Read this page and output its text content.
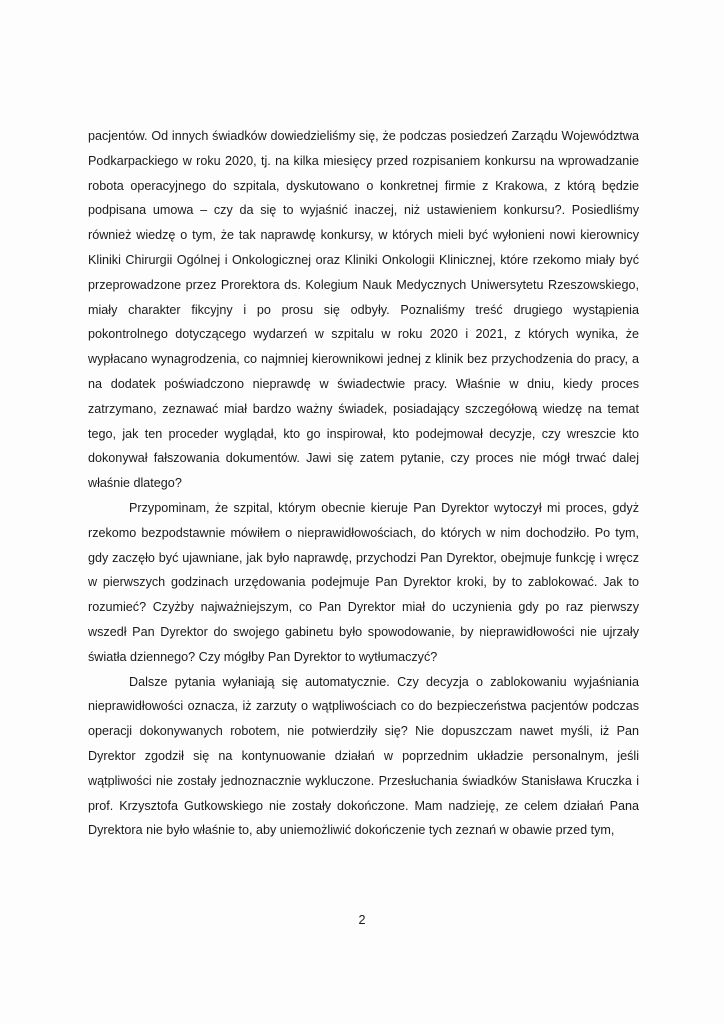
pacjentów. Od innych świadków dowiedzieliśmy się, że podczas posiedzeń Zarządu Województwa Podkarpackiego w roku 2020, tj. na kilka miesięcy przed rozpisaniem konkursu na wprowadzanie robota operacyjnego do szpitala, dyskutowano o konkretnej firmie z Krakowa, z którą będzie podpisana umowa – czy da się to wyjaśnić inaczej, niż ustawieniem konkursu?. Posiedliśmy również wiedzę o tym, że tak naprawdę konkursy, w których mieli być wyłonieni nowi kierownicy Kliniki Chirurgii Ogólnej i Onkologicznej oraz Kliniki Onkologii Klinicznej, które rzekomo miały być przeprowadzone przez Prorektora ds. Kolegium Nauk Medycznych Uniwersytetu Rzeszowskiego, miały charakter fikcyjny i po prosu się odbyły. Poznaliśmy treść drugiego wystąpienia pokontrolnego dotyczącego wydarzeń w szpitalu w roku 2020 i 2021, z których wynika, że wypłacano wynagrodzenia, co najmniej kierownikowi jednej z klinik bez przychodzenia do pracy, a na dodatek poświadczono nieprawdę w świadectwie pracy. Właśnie w dniu, kiedy proces zatrzymano, zeznawać miał bardzo ważny świadek, posiadający szczegółową wiedzę na temat tego, jak ten proceder wyglądał, kto go inspirował, kto podejmował decyzje, czy wreszcie kto dokonywał fałszowania dokumentów. Jawi się zatem pytanie, czy proces nie mógł trwać dalej właśnie dlatego?

Przypominam, że szpital, którym obecnie kieruje Pan Dyrektor wytoczył mi proces, gdyż rzekomo bezpodstawnie mówiłem o nieprawidłowościach, do których w nim dochodziło. Po tym, gdy zaczęło być ujawniane, jak było naprawdę, przychodzi Pan Dyrektor, obejmuje funkcję i wręcz w pierwszych godzinach urzędowania podejmuje Pan Dyrektor kroki, by to zablokować. Jak to rozumieć? Czyżby najważniejszym, co Pan Dyrektor miał do uczynienia gdy po raz pierwszy wszedł Pan Dyrektor do swojego gabinetu było spowodowanie, by nieprawidłowości nie ujrzały światła dziennego? Czy mógłby Pan Dyrektor to wytłumaczyć?

Dalsze pytania wyłaniają się automatycznie. Czy decyzja o zablokowaniu wyjaśniania nieprawidłowości oznacza, iż zarzuty o wątpliwościach co do bezpieczeństwa pacjentów podczas operacji dokonywanych robotem, nie potwierdziły się? Nie dopuszczam nawet myśli, iż Pan Dyrektor zgodził się na kontynuowanie działań w poprzednim układzie personalnym, jeśli wątpliwości nie zostały jednoznacznie wykluczone. Przesłuchania świadków Stanisława Kruczka i prof. Krzysztofa Gutkowskiego nie zostały dokończone. Mam nadzieję, ze celem działań Pana Dyrektora nie było właśnie to, aby uniemożliwić dokończenie tych zeznań w obawie przed tym,

2
